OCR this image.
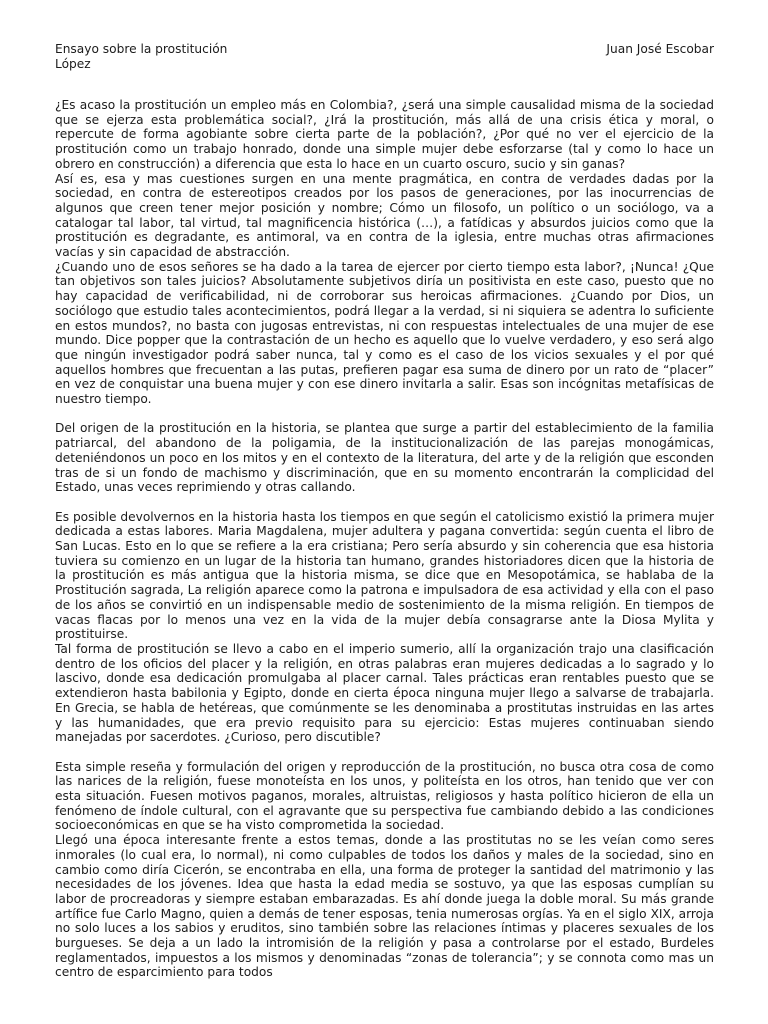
Ensayo sobre la prostitución
López
Juan José Escobar

¿Es acaso la prostitución un empleo más en Colombia?, ¿será una simple causalidad misma de la sociedad que se ejerza esta problemática social?, ¿Irá la prostitución, más allá de una crisis ética y moral, o repercute de forma agobiante sobre cierta parte de la población?, ¿Por qué no ver el ejercicio de la prostitución como un trabajo honrado, donde una simple mujer debe esforzarse (tal y como lo hace un obrero en construcción) a diferencia que esta lo hace en un cuarto oscuro, sucio y sin ganas?

Así es, esa y mas cuestiones surgen en una mente pragmática, en contra de verdades dadas por la sociedad, en contra de estereotipos creados por los pasos de generaciones, por las inocurrencias de algunos que creen tener mejor posición y nombre; Cómo un filosofo, un político o un sociólogo, va a catalogar tal labor, tal virtud, tal magnificencia histórica (…), a fatídicas y absurdos juicios como que la prostitución es degradante, es antimoral, va en contra de la iglesia, entre muchas otras afirmaciones vacías y sin capacidad de abstracción.

¿Cuando uno de esos señores se ha dado a la tarea de ejercer por cierto tiempo esta labor?, ¡Nunca! ¿Que tan objetivos son tales juicios? Absolutamente subjetivos diría un positivista en este caso, puesto que no hay capacidad de verificabilidad, ni de corroborar sus heroicas afirmaciones. ¿Cuando por Dios, un sociólogo que estudio tales acontecimientos, podrá llegar a la verdad, si ni siquiera se adentra lo suficiente en estos mundos?, no basta con jugosas entrevistas, ni con respuestas intelectuales de una mujer de ese mundo. Dice popper que la contrastación de un hecho es aquello que lo vuelve verdadero, y eso será algo que ningún investigador podrá saber nunca, tal y como es el caso de los vicios sexuales y el por qué aquellos hombres que frecuentan a las putas, prefieren pagar esa suma de dinero por un rato de “placer” en vez de conquistar una buena mujer y con ese dinero invitarla a salir. Esas son incógnitas metafísicas de nuestro tiempo.

Del origen de la prostitución en la historia, se plantea que surge a partir del establecimiento de la familia patriarcal, del abandono de la poligamia, de la institucionalización de las parejas monogámicas, deteniéndonos un poco en los mitos y en el contexto de la literatura, del arte y de la religión que esconden tras de si un fondo de machismo y discriminación, que en su momento encontrarán la complicidad del Estado, unas veces reprimiendo y otras callando.

Es posible devolvernos en la historia hasta los tiempos en que según el catolicismo existió la primera mujer dedicada a estas labores. Maria Magdalena, mujer adultera y pagana convertida: según cuenta el libro de San Lucas. Esto en lo que se refiere a la era cristiana; Pero sería absurdo y sin coherencia que esa historia tuviera su comienzo en un lugar de la historia tan humano, grandes historiadores dicen que la historia de la prostitución es más antigua que la historia misma, se dice que en Mesopotámica, se hablaba de la Prostitución sagrada, La religión aparece como la patrona e impulsadora de esa actividad y ella con el paso de los años se convirtió en un indispensable medio de sostenimiento de la misma religión. En tiempos de vacas flacas por lo menos una vez en la vida de la mujer debía consagrarse ante la Diosa Mylita y prostituirse.

Tal forma de prostitución se llevo a cabo en el imperio sumerio, allí la organización trajo una clasificación dentro de los oficios del placer y la religión, en otras palabras eran mujeres dedicadas a lo sagrado y lo lascivo, donde esa dedicación promulgaba al placer carnal. Tales prácticas eran rentables puesto que se extendieron hasta babilonia y Egipto, donde en cierta época ninguna mujer llego a salvarse de trabajarla. En Grecia, se habla de hetéreas, que comúnmente se les denominaba a prostitutas instruidas en las artes y las humanidades, que era previo requisito para su ejercicio: Estas mujeres continuaban siendo manejadas por sacerdotes. ¿Curioso, pero discutible?

Esta simple reseña y formulación del origen y reproducción de la prostitución, no busca otra cosa de como las narices de la religión, fuese monoteísta en los unos, y politeísta en los otros, han tenido que ver con esta situación. Fuesen motivos paganos, morales, altruistas, religiosos y hasta político hicieron de ella un fenómeno de índole cultural, con el agravante que su perspectiva fue cambiando debido a las condiciones socioeconómicas en que se ha visto comprometida la sociedad.

Llegó una época interesante frente a estos temas, donde a las prostitutas no se les veían como seres inmorales (lo cual era, lo normal), ni como culpables de todos los daños y males de la sociedad, sino en cambio como diría Cicerón, se encontraba en ella, una forma de proteger la santidad del matrimonio y las necesidades de los jóvenes. Idea que hasta la edad media se sostuvo, ya que las esposas cumplían su labor de procreadoras y siempre estaban embarazadas. Es ahí donde juega la doble moral. Su más grande artífice fue Carlo Magno, quien a demás de tener esposas, tenia numerosas orgías. Ya en el siglo XIX, arroja no solo luces a los sabios y eruditos, sino también sobre las relaciones íntimas y placeres sexuales de los burgueses. Se deja a un lado la intromisión de la religión y pasa a controlarse por el estado, Burdeles reglamentados, impuestos a los mismos y denominadas “zonas de tolerancia”; y se connota como mas un centro de esparcimiento para todos
